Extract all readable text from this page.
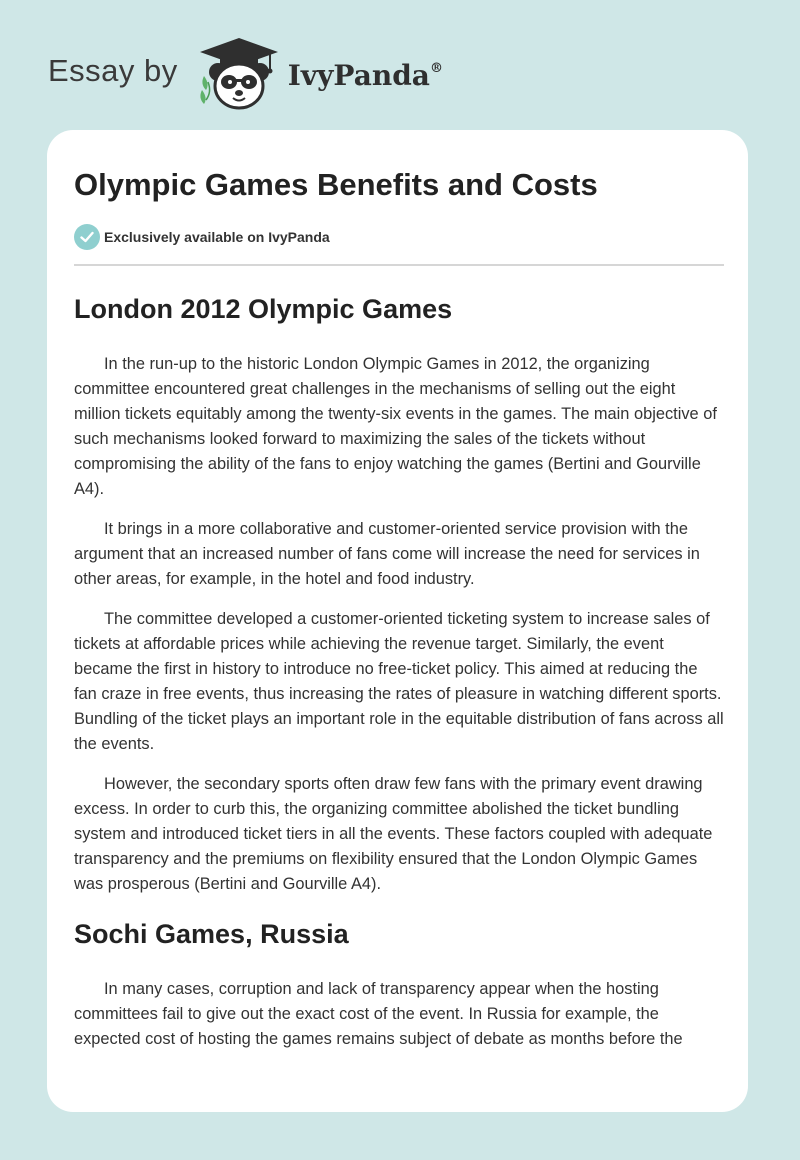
Essay by	IvyPanda®
Olympic Games Benefits and Costs
Exclusively available on IvyPanda
London 2012 Olympic Games

In the run-up to the historic London Olympic Games in 2012, the organizing committee encountered great challenges in the mechanisms of selling out the eight million tickets equitably among the twenty-six events in the games. The main objective of such mechanisms looked forward to maximizing the sales of the tickets without compromising the ability of the fans to enjoy watching the games (Bertini and Gourville A4).

It brings in a more collaborative and customer-oriented service provision with the argument that an increased number of fans come will increase the need for services in other areas, for example, in the hotel and food industry.

The committee developed a customer-oriented ticketing system to increase sales of tickets at affordable prices while achieving the revenue target. Similarly, the event became the first in history to introduce no free-ticket policy. This aimed at reducing the fan craze in free events, thus increasing the rates of pleasure in watching different sports. Bundling of the ticket plays an important role in the equitable distribution of fans across all the events.

However, the secondary sports often draw few fans with the primary event drawing excess. In order to curb this, the organizing committee abolished the ticket bundling system and introduced ticket tiers in all the events. These factors coupled with adequate transparency and the premiums on flexibility ensured that the London Olympic Games was prosperous (Bertini and Gourville A4).

Sochi Games, Russia

In many cases, corruption and lack of transparency appear when the hosting committees fail to give out the exact cost of the event. In Russia for example, the expected cost of hosting the games remains subject of debate as months before the
